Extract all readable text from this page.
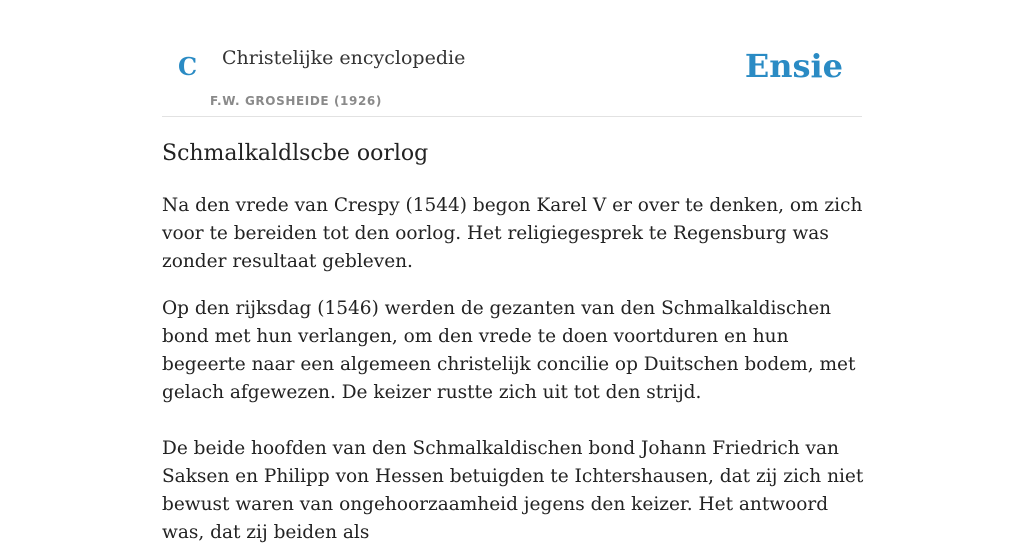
C Christelijke encyclopedie
F.W. GROSHEIDE (1926)
Ensie
Schmalkaldlscbe oorlog

Na den vrede van Crespy (1544) begon Karel V er over te denken, om zich voor te bereiden tot den oorlog. Het religiegesprek te Regensburg was zonder resultaat gebleven.

Op den rijksdag (1546) werden de gezanten van den Schmalkaldischen bond met hun verlangen, om den vrede te doen voortduren en hun begeerte naar een algemeen christelijk concilie op Duitschen bodem, met gelach afgewezen. De keizer rustte zich uit tot den strijd.

De beide hoofden van den Schmalkaldischen bond Johann Friedrich van Saksen en Philipp von Hessen betuigden te Ichtershausen, dat zij zich niet bewust waren van ongehoorzaamheid jegens den keizer. Het antwoord was, dat zij beiden als
